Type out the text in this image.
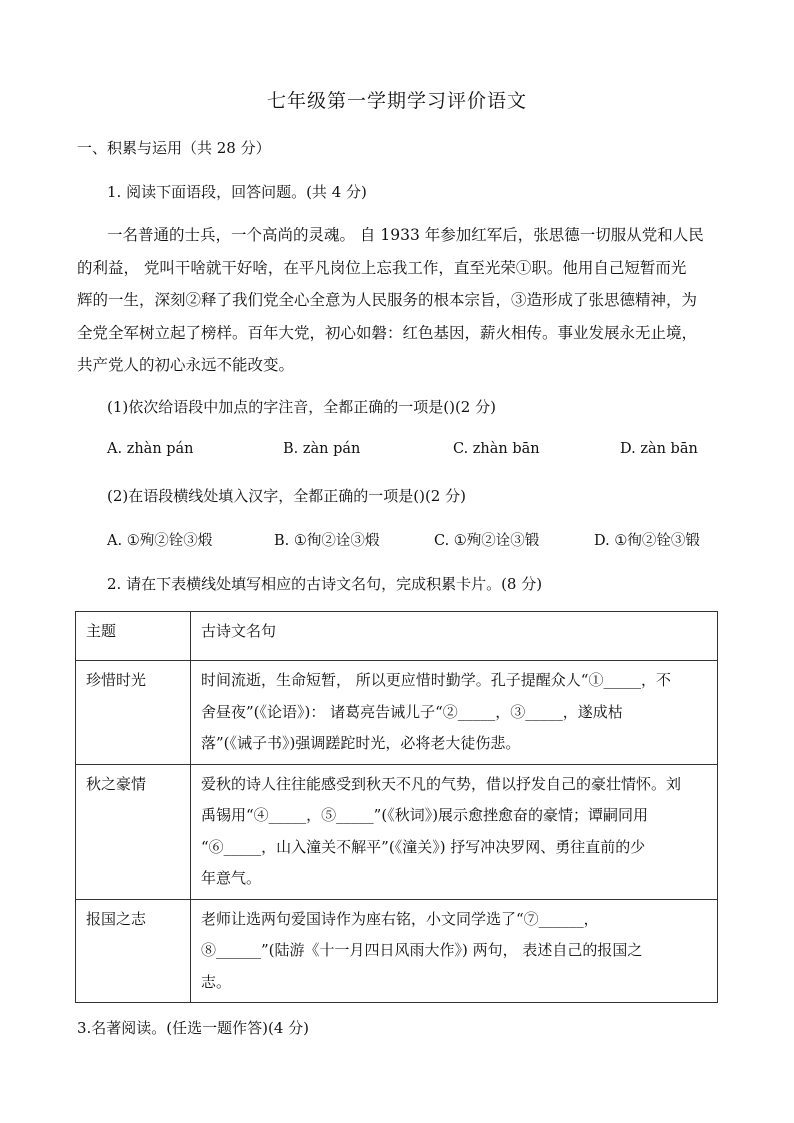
七年级第一学期学习评价语文
一、积累与运用（共 28 分）
1. 阅读下面语段，回答问题。(共 4 分)
一名普通的士兵，一个高尚的灵魂。 自 1933 年参加红军后，张思德一切服从党和人民
的利益， 党叫干啥就干好啥，在平凡岗位上忘我工作，直至光荣①职。他用自己短暂而光
辉的一生，深刻②释了我们党全心全意为人民服务的根本宗旨，③造形成了张思德精神，为
全党全军树立起了榜样。百年大党，初心如磐：红色基因，薪火相传。事业发展永无止境，
共产党人的初心永远不能改变。
(1)依次给语段中加点的字注音，全都正确的一项是()(2 分)
A. zhàn pán	B. zàn pán	C. zhàn bān	D. zàn bān
(2)在语段横线处填入汉字，全都正确的一项是()(2 分)
A. ①殉②铨③煅	B. ①徇②诠③煅	C. ①殉②诠③锻	D. ①徇②铨③锻
2. 请在下表横线处填写相应的古诗文名句，完成积累卡片。(8 分)
主题	古诗文名句

珍惜时光	时间流逝，生命短暂， 所以更应惜时勤学。孔子提醒众人“①_____，不
舍昼夜”(《论语》)： 诸葛亮告诫儿子“②_____，③_____，遂成枯
落”(《诫子书》)强调蹉跎时光，必将老大徒伤悲。

秋之豪情	爱秋的诗人往往能感受到秋天不凡的气势，借以抒发自己的豪壮情怀。刘
禹锡用“④_____，⑤_____”(《秋词》)展示愈挫愈奋的豪情；谭嗣同用
“⑥_____，山入潼关不解平”(《潼关》) 抒写冲决罗网、勇往直前的少
年意气。

报国之志	老师让选两句爱国诗作为座右铭，小文同学选了“⑦______，
⑧______”(陆游《十一月四日风雨大作》) 两句， 表述自己的报国之
志。
3.名著阅读。(任选一题作答)(4 分)
